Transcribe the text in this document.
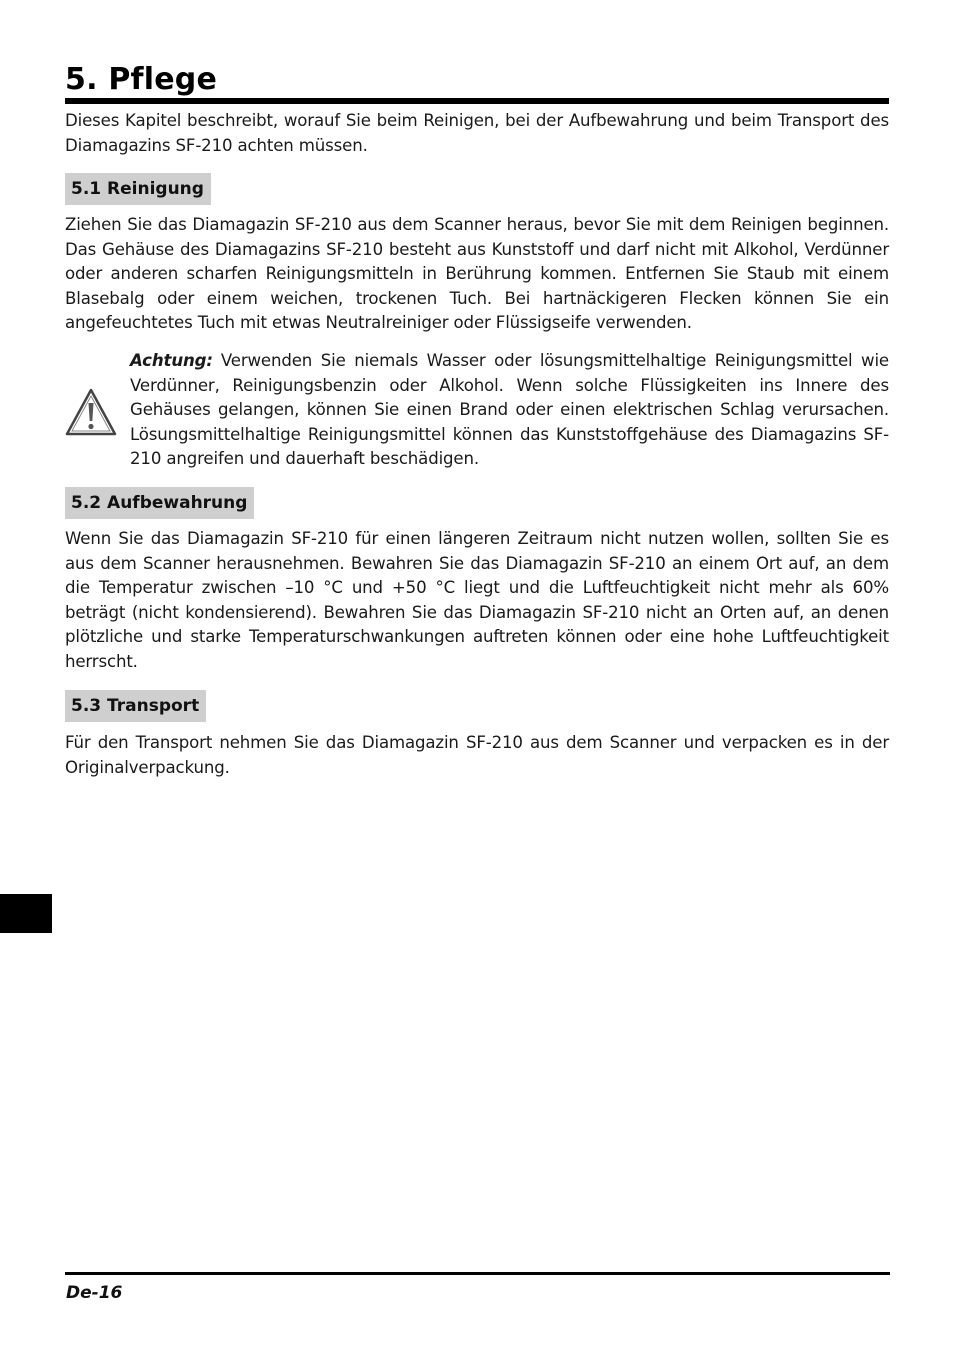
5. Pflege

Dieses Kapitel beschreibt, worauf Sie beim Reinigen, bei der Aufbewahrung und beim Transport des Diamagazins SF-210 achten müssen.

5.1 Reinigung

Ziehen Sie das Diamagazin SF-210 aus dem Scanner heraus, bevor Sie mit dem Reinigen beginnen. Das Gehäuse des Diamagazins SF-210 besteht aus Kunststoff und darf nicht mit Alkohol, Verdünner oder anderen scharfen Reinigungsmitteln in Berührung kommen. Entfernen Sie Staub mit einem Blasebalg oder einem weichen, trockenen Tuch. Bei hartnäckigeren Flecken können Sie ein angefeuchtetes Tuch mit etwas Neutralreiniger oder Flüssigseife verwenden.

Achtung: Verwenden Sie niemals Wasser oder lösungsmittelhaltige Reinigungsmittel wie Verdünner, Reinigungsbenzin oder Alkohol. Wenn solche Flüssigkeiten ins Innere des Gehäuses gelangen, können Sie einen Brand oder einen elektrischen Schlag verursachen. Lösungsmittelhaltige Reinigungsmittel können das Kunststoffgehäuse des Diamagazins SF-210 angreifen und dauerhaft beschädigen.

5.2 Aufbewahrung

Wenn Sie das Diamagazin SF-210 für einen längeren Zeitraum nicht nutzen wollen, sollten Sie es aus dem Scanner herausnehmen. Bewahren Sie das Diamagazin SF-210 an einem Ort auf, an dem die Temperatur zwischen –10 °C und +50 °C liegt und die Luftfeuchtigkeit nicht mehr als 60% beträgt (nicht kondensierend). Bewahren Sie das Diamagazin SF-210 nicht an Orten auf, an denen plötzliche und starke Temperaturschwankungen auftreten können oder eine hohe Luftfeuchtigkeit herrscht.

5.3 Transport

Für den Transport nehmen Sie das Diamagazin SF-210 aus dem Scanner und verpacken es in der Originalverpackung.

De-16
